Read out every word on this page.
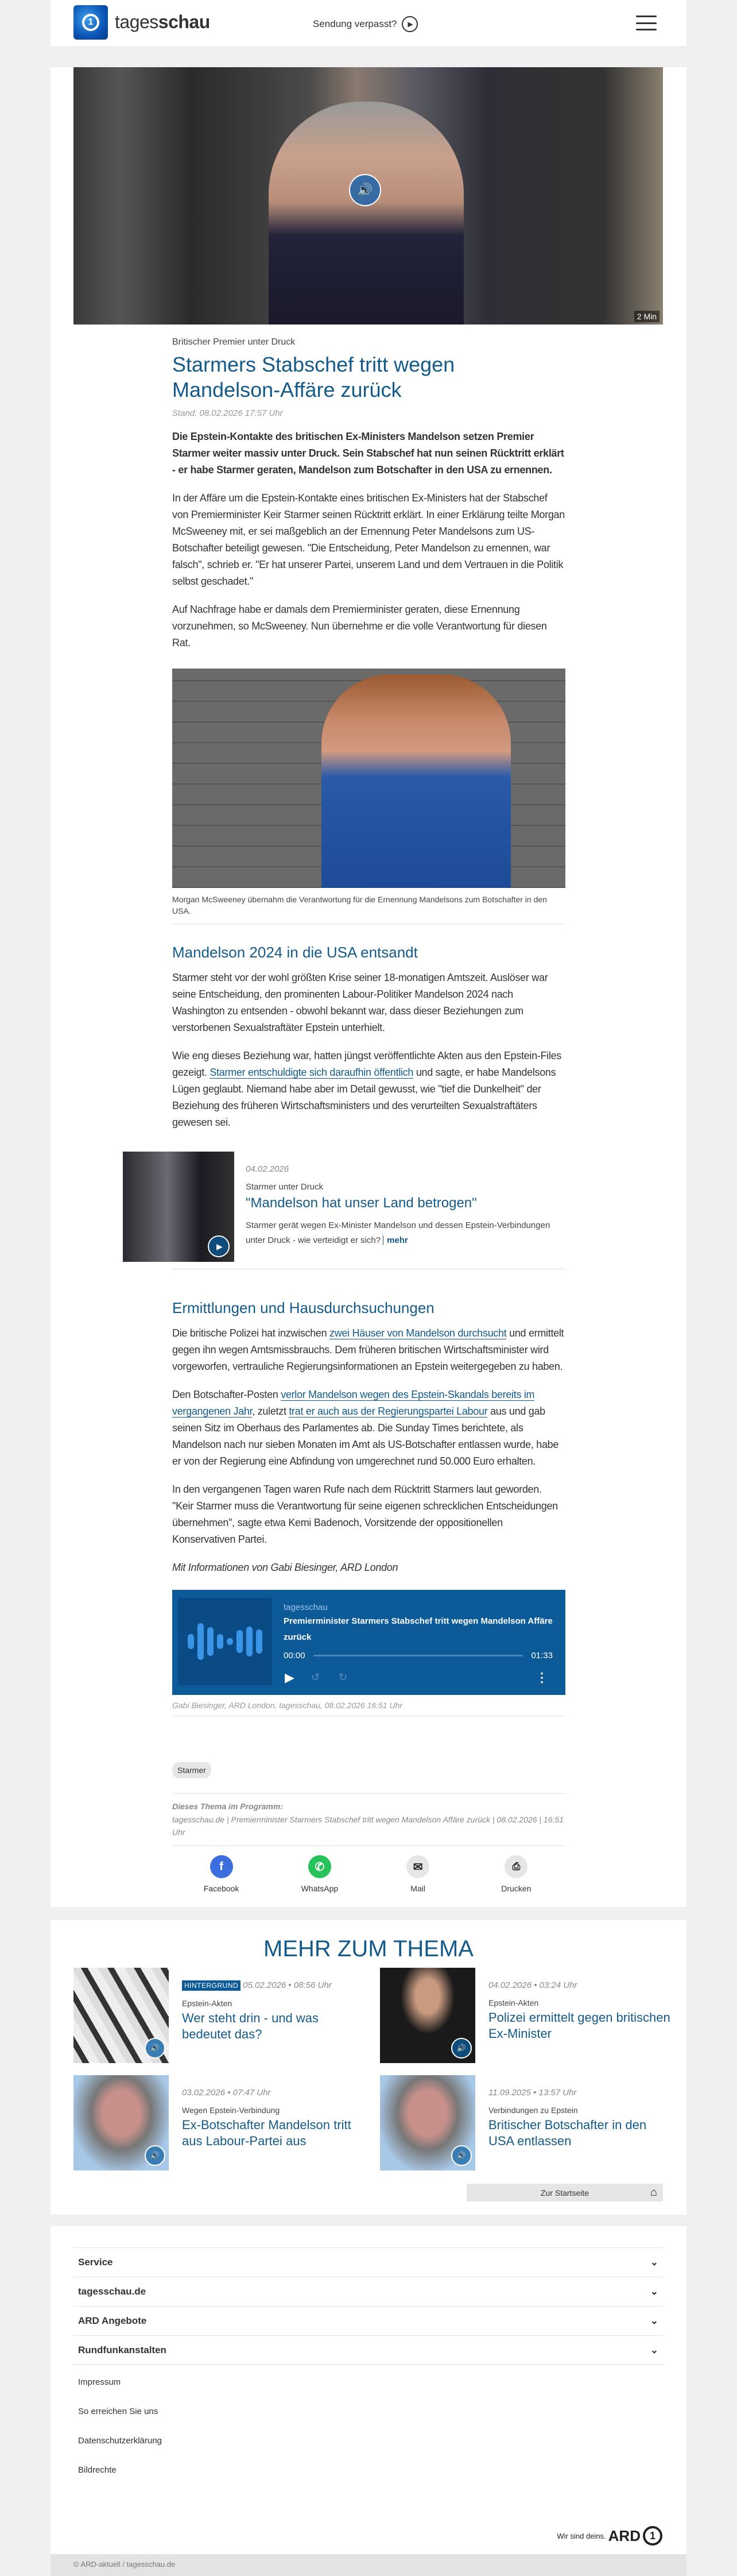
1	tagesschau	Sendung verpasst?	▶
🔊
2 Min
Britischer Premier unter Druck
Starmers Stabschef tritt wegen Mandelson-Affäre zurück
Stand: 08.02.2026 17:57 Uhr

Die Epstein-Kontakte des britischen Ex-Ministers Mandelson setzen Premier Starmer weiter massiv unter Druck. Sein Stabschef hat nun seinen Rücktritt erklärt - er habe Starmer geraten, Mandelson zum Botschafter in den USA zu ernennen.

In der Affäre um die Epstein-Kontakte eines britischen Ex-Ministers hat der Stabschef von Premierminister Keir Starmer seinen Rücktritt erklärt. In einer Erklärung teilte Morgan McSweeney mit, er sei maßgeblich an der Ernennung Peter Mandelsons zum US-Botschafter beteiligt gewesen. "Die Entscheidung, Peter Mandelson zu ernennen, war falsch", schrieb er. "Er hat unserer Partei, unserem Land und dem Vertrauen in die Politik selbst geschadet."

Auf Nachfrage habe er damals dem Premierminister geraten, diese Ernennung vorzunehmen, so McSweeney. Nun übernehme er die volle Verantwortung für diesen Rat.

Morgan McSweeney übernahm die Verantwortung für die Ernennung Mandelsons zum Botschafter in den USA.
Mandelson 2024 in die USA entsandt

Starmer steht vor der wohl größten Krise seiner 18-monatigen Amtszeit. Auslöser war seine Entscheidung, den prominenten Labour-Politiker Mandelson 2024 nach Washington zu entsenden - obwohl bekannt war, dass dieser Beziehungen zum verstorbenen Sexualstraftäter Epstein unterhielt.

Wie eng dieses Beziehung war, hatten jüngst veröffentlichte Akten aus den Epstein-Files gezeigt. Starmer entschuldigte sich daraufhin öffentlich und sagte, er habe Mandelsons Lügen geglaubt. Niemand habe aber im Detail gewusst, wie "tief die Dunkelheit" der Beziehung des früheren Wirtschaftsministers und des verurteilten Sexualstraftäters gewesen sei.

▶
04.02.2026
Starmer unter Druck
"Mandelson hat unser Land betrogen"
Starmer gerät wegen Ex-Minister Mandelson und dessen Epstein-Verbindungen unter Druck - wie verteidigt er sich? mehr
Ermittlungen und Hausdurchsuchungen

Die britische Polizei hat inzwischen zwei Häuser von Mandelson durchsucht und ermittelt gegen ihn wegen Amtsmissbrauchs. Dem früheren britischen Wirtschaftsminister wird vorgeworfen, vertrauliche Regierungsinformationen an Epstein weitergegeben zu haben.

Den Botschafter-Posten verlor Mandelson wegen des Epstein-Skandals bereits im vergangenen Jahr, zuletzt trat er auch aus der Regierungspartei Labour aus und gab seinen Sitz im Oberhaus des Parlamentes ab. Die Sunday Times berichtete, als Mandelson nach nur sieben Monaten im Amt als US-Botschafter entlassen wurde, habe er von der Regierung eine Abfindung von umgerechnet rund 50.000 Euro erhalten.

In den vergangenen Tagen waren Rufe nach dem Rücktritt Starmers laut geworden. "Keir Starmer muss die Verantwortung für seine eigenen schrecklichen Entscheidungen übernehmen", sagte etwa Kemi Badenoch, Vorsitzende der oppositionellen Konservativen Partei.

Mit Informationen von Gabi Biesinger, ARD London

tagesschau
Premierminister Starmers Stabschef tritt wegen Mandelson Affäre zurück
00:00	01:33
▶ ↺ ↻	⋮
Gabi Biesinger, ARD London, tagesschau, 08.02.2026 16:51 Uhr
Starmer
Dieses Thema im Programm:
tagesschau.de | Premierminister Starmers Stabschef tritt wegen Mandelson Affäre zurück | 08.02.2026 | 16:51 Uhr
f
Facebook
✆
WhatsApp
✉
Mail
⎙
Drucken
MEHR ZUM THEMA
🔊
HINTERGRUND 05.02.2026 • 08:56 Uhr
Epstein-Akten
Wer steht drin - und was bedeutet das?
🔊
04.02.2026 • 03:24 Uhr
Epstein-Akten
Polizei ermittelt gegen britischen Ex-Minister
🔊
03.02.2026 • 07:47 Uhr
Wegen Epstein-Verbindung
Ex-Botschafter Mandelson tritt aus Labour-Partei aus
🔊
11.09.2025 • 13:57 Uhr
Verbindungen zu Epstein
Britischer Botschafter in den USA entlassen
Zur Startseite	⌂
Service	⌄
tagesschau.de	⌄
ARD Angebote	⌄
Rundfunkanstalten	⌄
Impressum
So erreichen Sie uns
Datenschutzerklärung
Bildrechte
Wir sind deins. ARD 1
© ARD-aktuell / tagesschau.de
